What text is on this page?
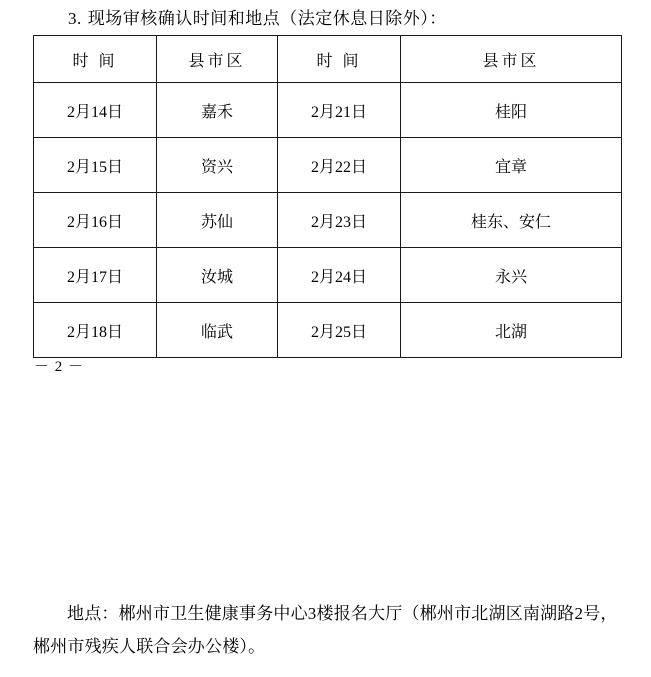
3. 现场审核确认时间和地点（法定休息日除外）：
时 间	县市区	时 间	县市区
2月14日	嘉禾	2月21日	桂阳
2月15日	资兴	2月22日	宜章
2月16日	苏仙	2月23日	桂东、安仁
2月17日	汝城	2月24日	永兴
2月18日	临武	2月25日	北湖
－ 2 －
地点：郴州市卫生健康事务中心3楼报名大厅（郴州市北湖区南湖路2号，郴州市残疾人联合会办公楼）。
